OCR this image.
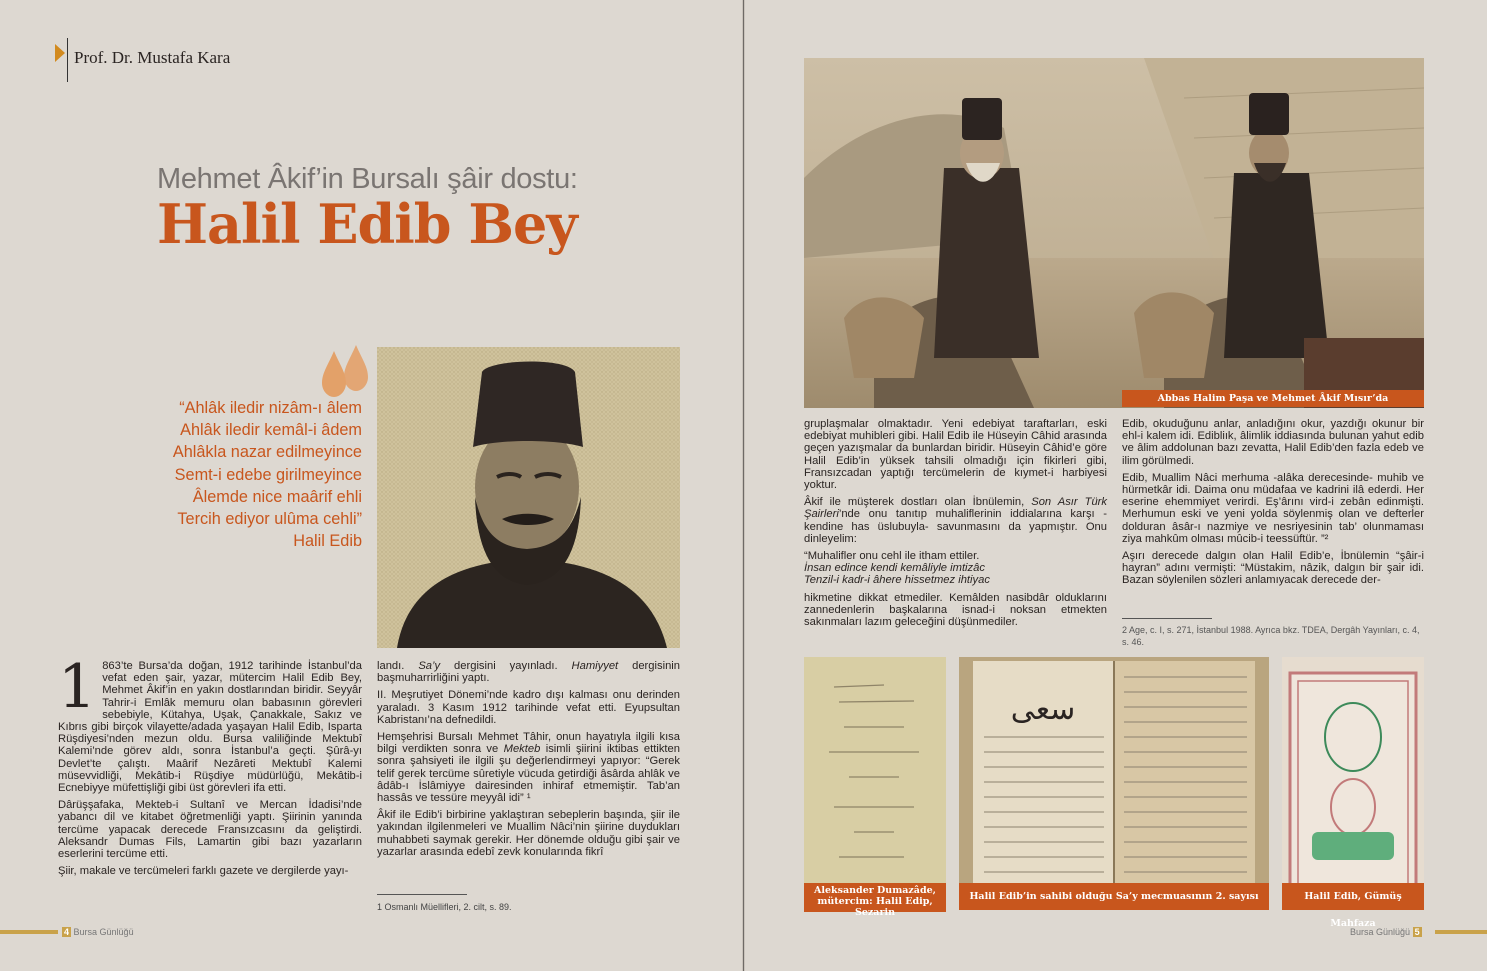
Prof. Dr. Mustafa Kara
Mehmet Âkif’in Bursalı şâir dostu:
Halil Edib Bey
“Ahlâk iledir nizâm-ı âlem
Ahlâk iledir kemâl-i âdem
Ahlâkla nazar edilmeyince
Semt-i edebe girilmeyince
Âlemde nice maârif ehli
Tercih ediyor ulûma cehli”
Halil Edib
1 863’te Bursa’da doğan, 1912 tarihinde İstanbul’da vefat eden şair, yazar, mütercim Halil Edib Bey, Mehmet Âkif’in en yakın dostlarından biridir. Seyyâr Tahrir-i Emlâk memuru olan babasının görevleri sebebiyle, Kütahya, Uşak, Çanakkale, Sakız ve Kıbrıs gibi birçok vilayette/adada yaşayan Halil Edib, Isparta Rüşdiyesi’nden mezun oldu. Bursa valiliğinde Mektubî Kalemi’nde görev aldı, sonra İstanbul’a geçti. Şûrâ-yı Devlet’te çalıştı. Maârif Nezâreti Mektubî Kalemi müsevvidliği, Mekâtib-i Rüşdiye müdürlüğü, Mekâtib-i Ecnebiyye müfettişliği gibi üst görevleri ifa etti.

Dârüşşafaka, Mekteb-i Sultanî ve Mercan İdadisi’nde yabancı dil ve kitabet öğretmenliği yaptı. Şiirinin yanında tercüme yapacak derecede Fransızcasını da geliştirdi. Aleksandr Dumas Fils, Lamartin gibi bazı yazarların eserlerini tercüme etti.

Şiir, makale ve tercümeleri farklı gazete ve dergilerde yayı-

landı. Sa’y dergisini yayınladı. Hamiyyet dergisinin başmuharrirliğini yaptı.

II. Meşrutiyet Dönemi’nde kadro dışı kalması onu derinden yaraladı. 3 Kasım 1912 tarihinde vefat etti. Eyupsultan Kabristanı’na defnedildi.

Hemşehrisi Bursalı Mehmet Tâhir, onun hayatıyla ilgili kısa bilgi verdikten sonra ve Mekteb isimli şiirini iktibas ettikten sonra şahsiyeti ile ilgili şu değerlendirmeyi yapıyor: “Gerek telif gerek tercüme sûretiyle vücuda getirdiği âsârda ahlâk ve âdâb-ı İslâmiyye dairesinden inhiraf etmemiştir. Tab’an hassâs ve tessüre meyyâl idi” ¹

Âkif ile Edib’i birbirine yaklaştıran sebeplerin başında, şiir ile yakından ilgilenmeleri ve Muallim Nâci’nin şiirine duydukları muhabbeti saymak gerekir. Her dönemde olduğu gibi şair ve yazarlar arasında edebî zevk konularında fikrî

1 Osmanlı Müellifleri, 2. cilt, s. 89.
4 Bursa Günlüğü
Abbas Halim Paşa ve Mehmet Âkif Mısır’da

gruplaşmalar olmaktadır. Yeni edebiyat taraftarları, eski edebiyat muhibleri gibi. Halil Edib ile Hüseyin Câhid arasında geçen yazışmalar da bunlardan biridir. Hüseyin Câhid’e göre Halil Edib’in yüksek tahsili olmadığı için fikirleri gibi, Fransızcadan yaptığı tercümelerin de kıymet-i harbiyesi yoktur.

Âkif ile müşterek dostları olan İbnülemin, Son Asır Türk Şairleri’nde onu tanıtıp muhaliflerinin iddialarına karşı -kendine has üslubuyla- savunmasını da yapmıştır. Onu dinleyelim:

“Muhalifler onu cehl ile itham ettiler.
İnsan edince kendi kemâliyle imtizâc
Tenzil-i kadr-i âhere hissetmez ihtiyac

hikmetine dikkat etmediler. Kemâlden nasibdâr olduklarını zannedenlerin başkalarına isnad-i noksan etmekten sakınmaları lazım geleceğini düşünmediler.

Edib, okuduğunu anlar, anladığını okur, yazdığı okunur bir ehl-i kalem idi. Edibliık, âlimlik iddiasında bulunan yahut edib ve âlim addolunan bazı zevatta, Halil Edib’den fazla edeb ve ilim görülmedi.

Edib, Muallim Nâci merhuma -alâka derecesinde- muhib ve hürmetkâr idi. Daima onu müdafaa ve kadrini ilâ ederdi. Her eserine ehemmiyet verirdi. Eş’ârını vird-i zebân edinmişti. Merhumun eski ve yeni yolda söylenmiş olan ve defterler dolduran âsâr-ı nazmiye ve nesriyesinin tab’ olunmaması ziya mahkûm olması mûcib-i teessüftür. ”²

Aşırı derecede dalgın olan Halil Edib’e, İbnülemin “şâir-i hayran” adını vermişti: “Müstakim, nâzik, dalgın bir şair idi. Bazan söylenilen sözleri anlamıyacak derecede der-

2 Age, c. I, s. 271, İstanbul 1988. Ayrıca bkz. TDEA, Dergâh Yayınları, c. 4, s. 46.
سعی
Aleksander Dumazâde, mütercim: Halil Edip, Sezarin
Halil Edib’in sahibi olduğu Sa’y mecmuasının 2. sayısı	Halil Edib, Gümüş Mahfaza
Bursa Günlüğü 5
